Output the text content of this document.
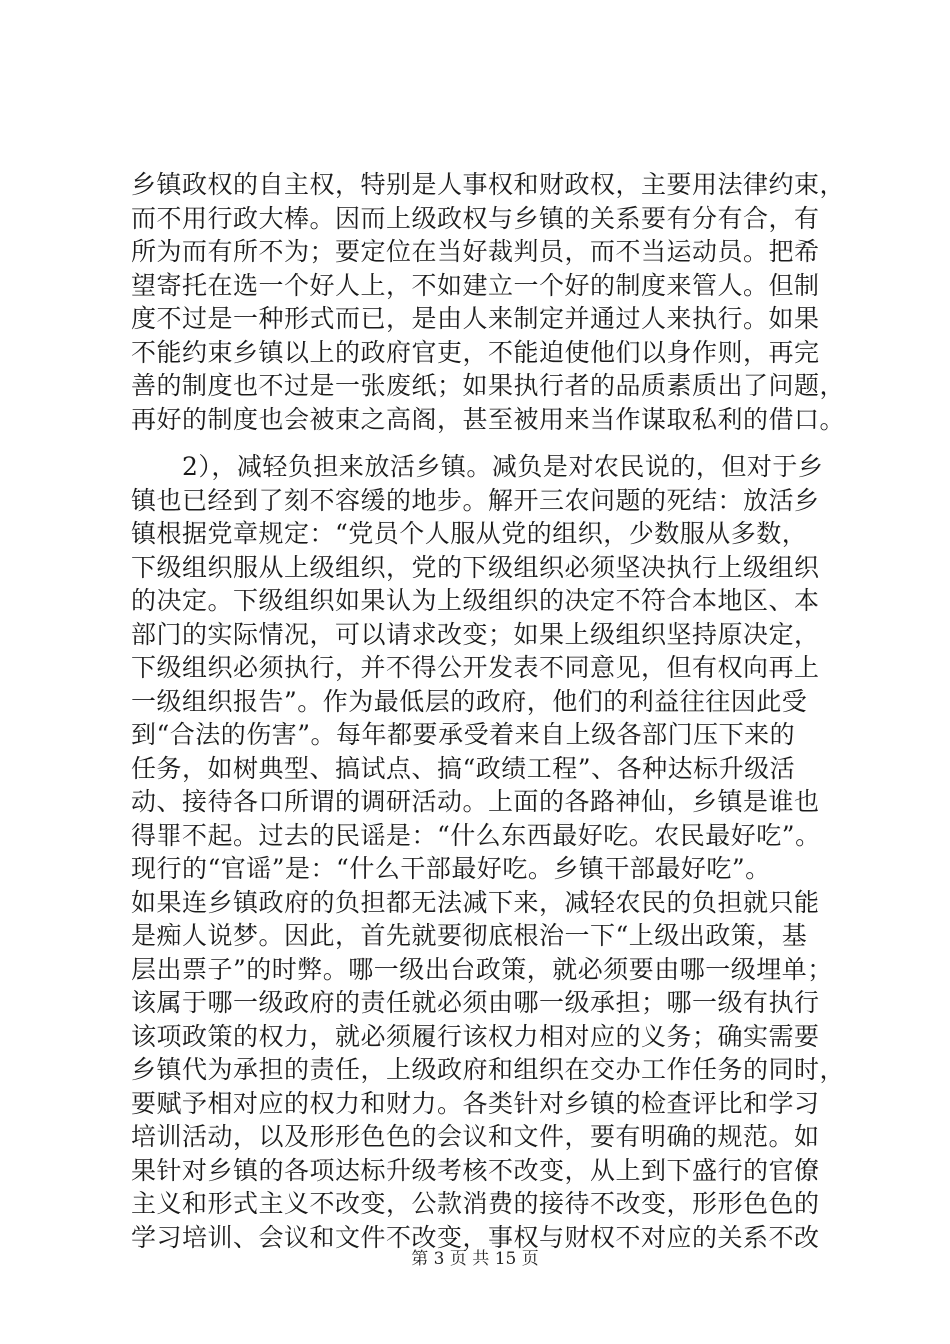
乡镇政权的自主权，特别是人事权和财政权，主要用法律约束，
而不用行政大棒。因而上级政权与乡镇的关系要有分有合，有
所为而有所不为；要定位在当好裁判员，而不当运动员。把希
望寄托在选一个好人上，不如建立一个好的制度来管人。但制
度不过是一种形式而已，是由人来制定并通过人来执行。如果
不能约束乡镇以上的政府官吏，不能迫使他们以身作则，再完
善的制度也不过是一张废纸；如果执行者的品质素质出了问题，
再好的制度也会被束之高阁，甚至被用来当作谋取私利的借口。
　　2），减轻负担来放活乡镇。减负是对农民说的，但对于乡
镇也已经到了刻不容缓的地步。解开三农问题的死结：放活乡
镇根据党章规定：“党员个人服从党的组织，少数服从多数，
下级组织服从上级组织，党的下级组织必须坚决执行上级组织
的决定。下级组织如果认为上级组织的决定不符合本地区、本
部门的实际情况，可以请求改变；如果上级组织坚持原决定，
下级组织必须执行，并不得公开发表不同意见，但有权向再上
一级组织报告”。作为最低层的政府，他们的利益往往因此受
到“合法的伤害”。每年都要承受着来自上级各部门压下来的
任务，如树典型、搞试点、搞“政绩工程”、各种达标升级活
动、接待各口所谓的调研活动。上面的各路神仙，乡镇是谁也
得罪不起。过去的民谣是：“什么东西最好吃。农民最好吃”。
现行的“官谣”是：“什么干部最好吃。乡镇干部最好吃”。
如果连乡镇政府的负担都无法减下来，减轻农民的负担就只能
是痴人说梦。因此，首先就要彻底根治一下“上级出政策，基
层出票子”的时弊。哪一级出台政策，就必须要由哪一级埋单；
该属于哪一级政府的责任就必须由哪一级承担；哪一级有执行
该项政策的权力，就必须履行该权力相对应的义务；确实需要
乡镇代为承担的责任，上级政府和组织在交办工作任务的同时，
要赋予相对应的权力和财力。各类针对乡镇的检查评比和学习
培训活动，以及形形色色的会议和文件，要有明确的规范。如
果针对乡镇的各项达标升级考核不改变，从上到下盛行的官僚
主义和形式主义不改变，公款消费的接待不改变，形形色色的
学习培训、会议和文件不改变，事权与财权不对应的关系不改
第 3 页 共 15 页
